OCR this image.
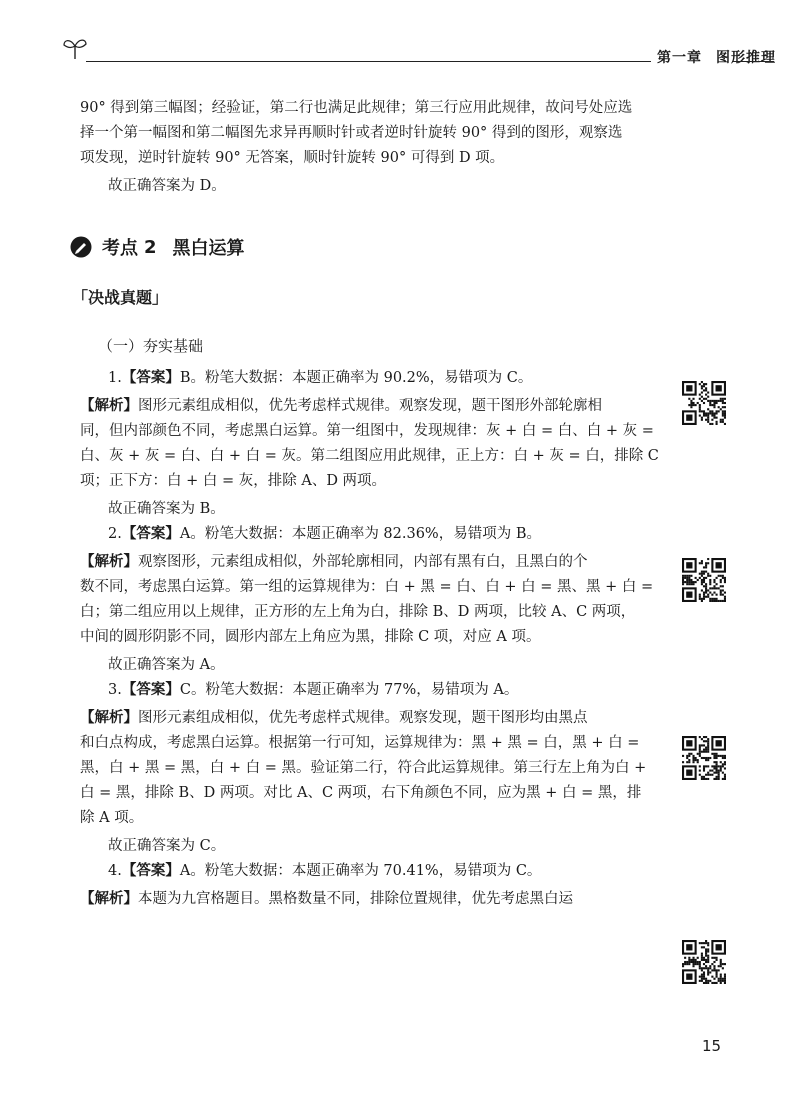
第一章 图形推理

90° 得到第三幅图；经验证，第二行也满足此规律；第三行应用此规律，故问号处应选

择一个第一幅图和第二幅图先求异再顺时针或者逆时针旋转 90° 得到的图形，观察选

项发现，逆时针旋转 90° 无答案，顺时针旋转 90° 可得到 D 项。

故正确答案为 D。

考点 2 黑白运算
「决战真题」
（一）夯实基础

1.【答案】B。粉笔大数据：本题正确率为 90.2%，易错项为 C。

【解析】图形元素组成相似，优先考虑样式规律。观察发现，题干图形外部轮廓相

同，但内部颜色不同，考虑黑白运算。第一组图中，发现规律：灰 + 白 = 白、白 + 灰 =

白、灰 + 灰 = 白、白 + 白 = 灰。第二组图应用此规律，正上方：白 + 灰 = 白，排除 C

项；正下方：白 + 白 = 灰，排除 A、D 两项。

故正确答案为 B。

2.【答案】A。粉笔大数据：本题正确率为 82.36%，易错项为 B。

【解析】观察图形，元素组成相似，外部轮廓相同，内部有黑有白，且黑白的个

数不同，考虑黑白运算。第一组的运算规律为：白 + 黑 = 白、白 + 白 = 黑、黑 + 白 =

白；第二组应用以上规律，正方形的左上角为白，排除 B、D 两项，比较 A、C 两项，

中间的圆形阴影不同，圆形内部左上角应为黑，排除 C 项，对应 A 项。

故正确答案为 A。

3.【答案】C。粉笔大数据：本题正确率为 77%，易错项为 A。

【解析】图形元素组成相似，优先考虑样式规律。观察发现，题干图形均由黑点

和白点构成，考虑黑白运算。根据第一行可知，运算规律为：黑 + 黑 = 白，黑 + 白 =

黑，白 + 黑 = 黑，白 + 白 = 黑。验证第二行，符合此运算规律。第三行左上角为白 +

白 = 黑，排除 B、D 两项。对比 A、C 两项，右下角颜色不同，应为黑 + 白 = 黑，排

除 A 项。

故正确答案为 C。

4.【答案】A。粉笔大数据：本题正确率为 70.41%，易错项为 C。

【解析】本题为九宫格题目。黑格数量不同，排除位置规律，优先考虑黑白运

15
